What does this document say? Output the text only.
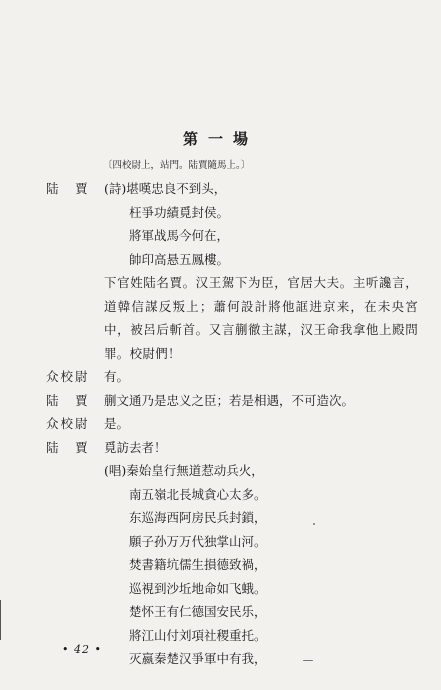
第一場
〔四校尉上，站門。陆賈隨馬上。〕
陆　賈	(詩)堪嘆忠良不到头，
枉爭功績覓封侯。
將軍战馬今何在，
帥印高悬五鳳樓。
下官姓陆名賈。汉王駕下为臣，官居大夫。主听讒言，道韓信謀反叛上；蕭何設計將他誆进京来，在未央宮中，被呂后斬首。又言蒯徹主謀，汉王命我拿他上殿問罪。校尉們！
众校尉	有。
陆　賈	蒯文通乃是忠义之臣；若是相遇，不可造次。
众校尉	是。
陆　賈	覓訪去者！
(唱)秦始皇行無道惹动兵火，
南五嶺北長城貪心太多。
东巡海西阿房民兵封鎖，
願子孙万万代独掌山河。
焚書籍坑儒生損德致禍，
巡視到沙坵地命如飞蛾。
楚怀王有仁德国安民乐，
將江山付刘項社稷重托。
灭嬴秦楚汉爭軍中有我，
• 42 •
